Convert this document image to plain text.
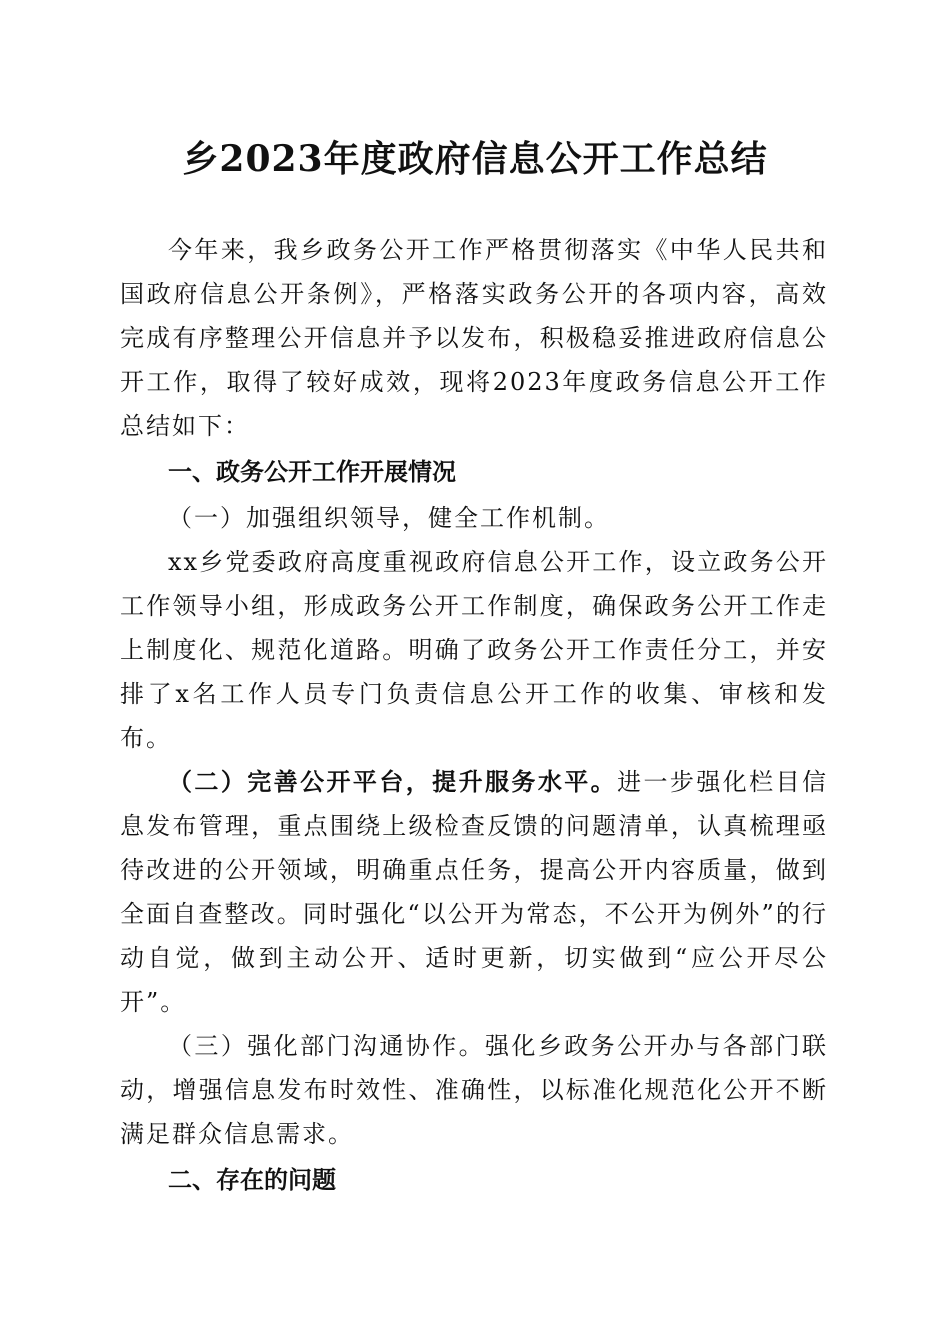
乡2023年度政府信息公开工作总结

今年来，我乡政务公开工作严格贯彻落实《中华人民共和国政府信息公开条例》，严格落实政务公开的各项内容，高效完成有序整理公开信息并予以发布，积极稳妥推进政府信息公开工作，取得了较好成效，现将2023年度政务信息公开工作总结如下：

一、政务公开工作开展情况

（一）加强组织领导，健全工作机制。

xx乡党委政府高度重视政府信息公开工作，设立政务公开工作领导小组，形成政务公开工作制度，确保政务公开工作走上制度化、规范化道路。明确了政务公开工作责任分工，并安排了x名工作人员专门负责信息公开工作的收集、审核和发布。

（二）完善公开平台，提升服务水平。进一步强化栏目信息发布管理，重点围绕上级检查反馈的问题清单，认真梳理亟待改进的公开领域，明确重点任务，提高公开内容质量，做到全面自查整改。同时强化“以公开为常态，不公开为例外”的行动自觉，做到主动公开、适时更新，切实做到“应公开尽公开”。

（三）强化部门沟通协作。强化乡政务公开办与各部门联动，增强信息发布时效性、准确性，以标准化规范化公开不断满足群众信息需求。

二、存在的问题
